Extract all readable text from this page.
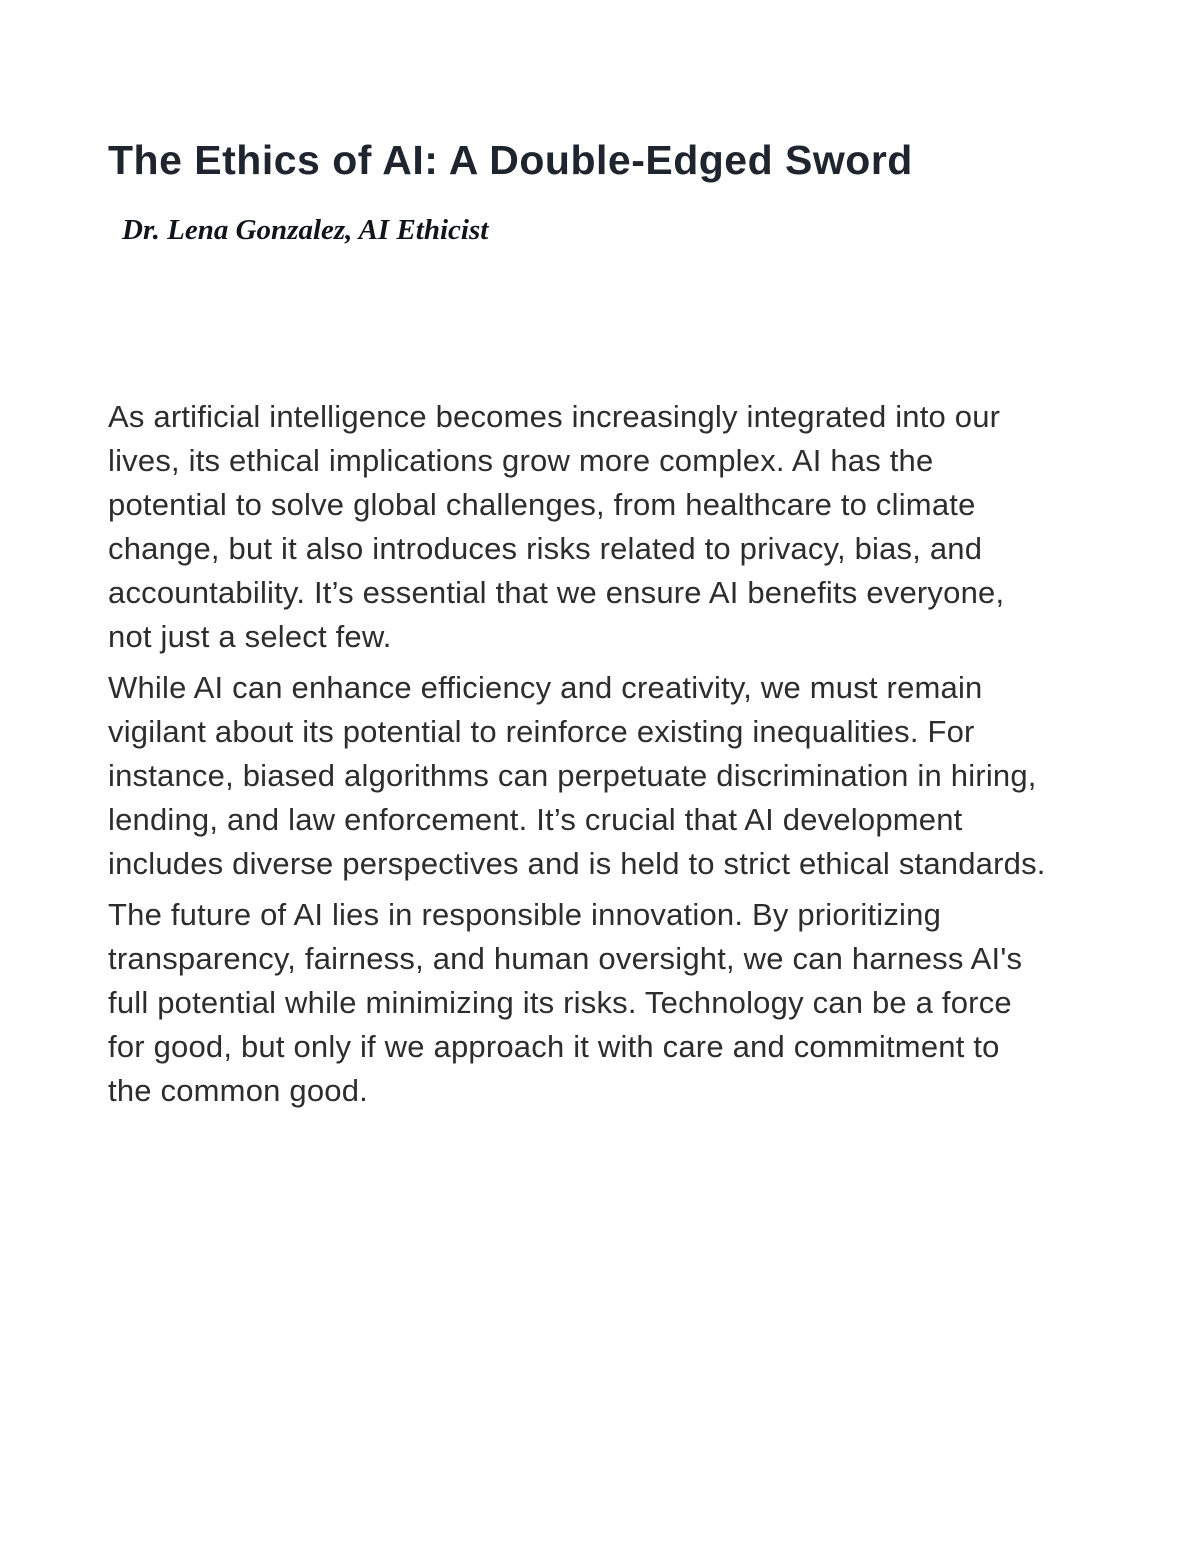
The Ethics of AI: A Double-Edged Sword

Dr. Lena Gonzalez, AI Ethicist

As artificial intelligence becomes increasingly integrated into our lives, its ethical implications grow more complex. AI has the potential to solve global challenges, from healthcare to climate change, but it also introduces risks related to privacy, bias, and accountability. It’s essential that we ensure AI benefits everyone, not just a select few.

While AI can enhance efficiency and creativity, we must remain vigilant about its potential to reinforce existing inequalities. For instance, biased algorithms can perpetuate discrimination in hiring, lending, and law enforcement. It’s crucial that AI development includes diverse perspectives and is held to strict ethical standards.

The future of AI lies in responsible innovation. By prioritizing transparency, fairness, and human oversight, we can harness AI's full potential while minimizing its risks. Technology can be a force for good, but only if we approach it with care and commitment to the common good.
